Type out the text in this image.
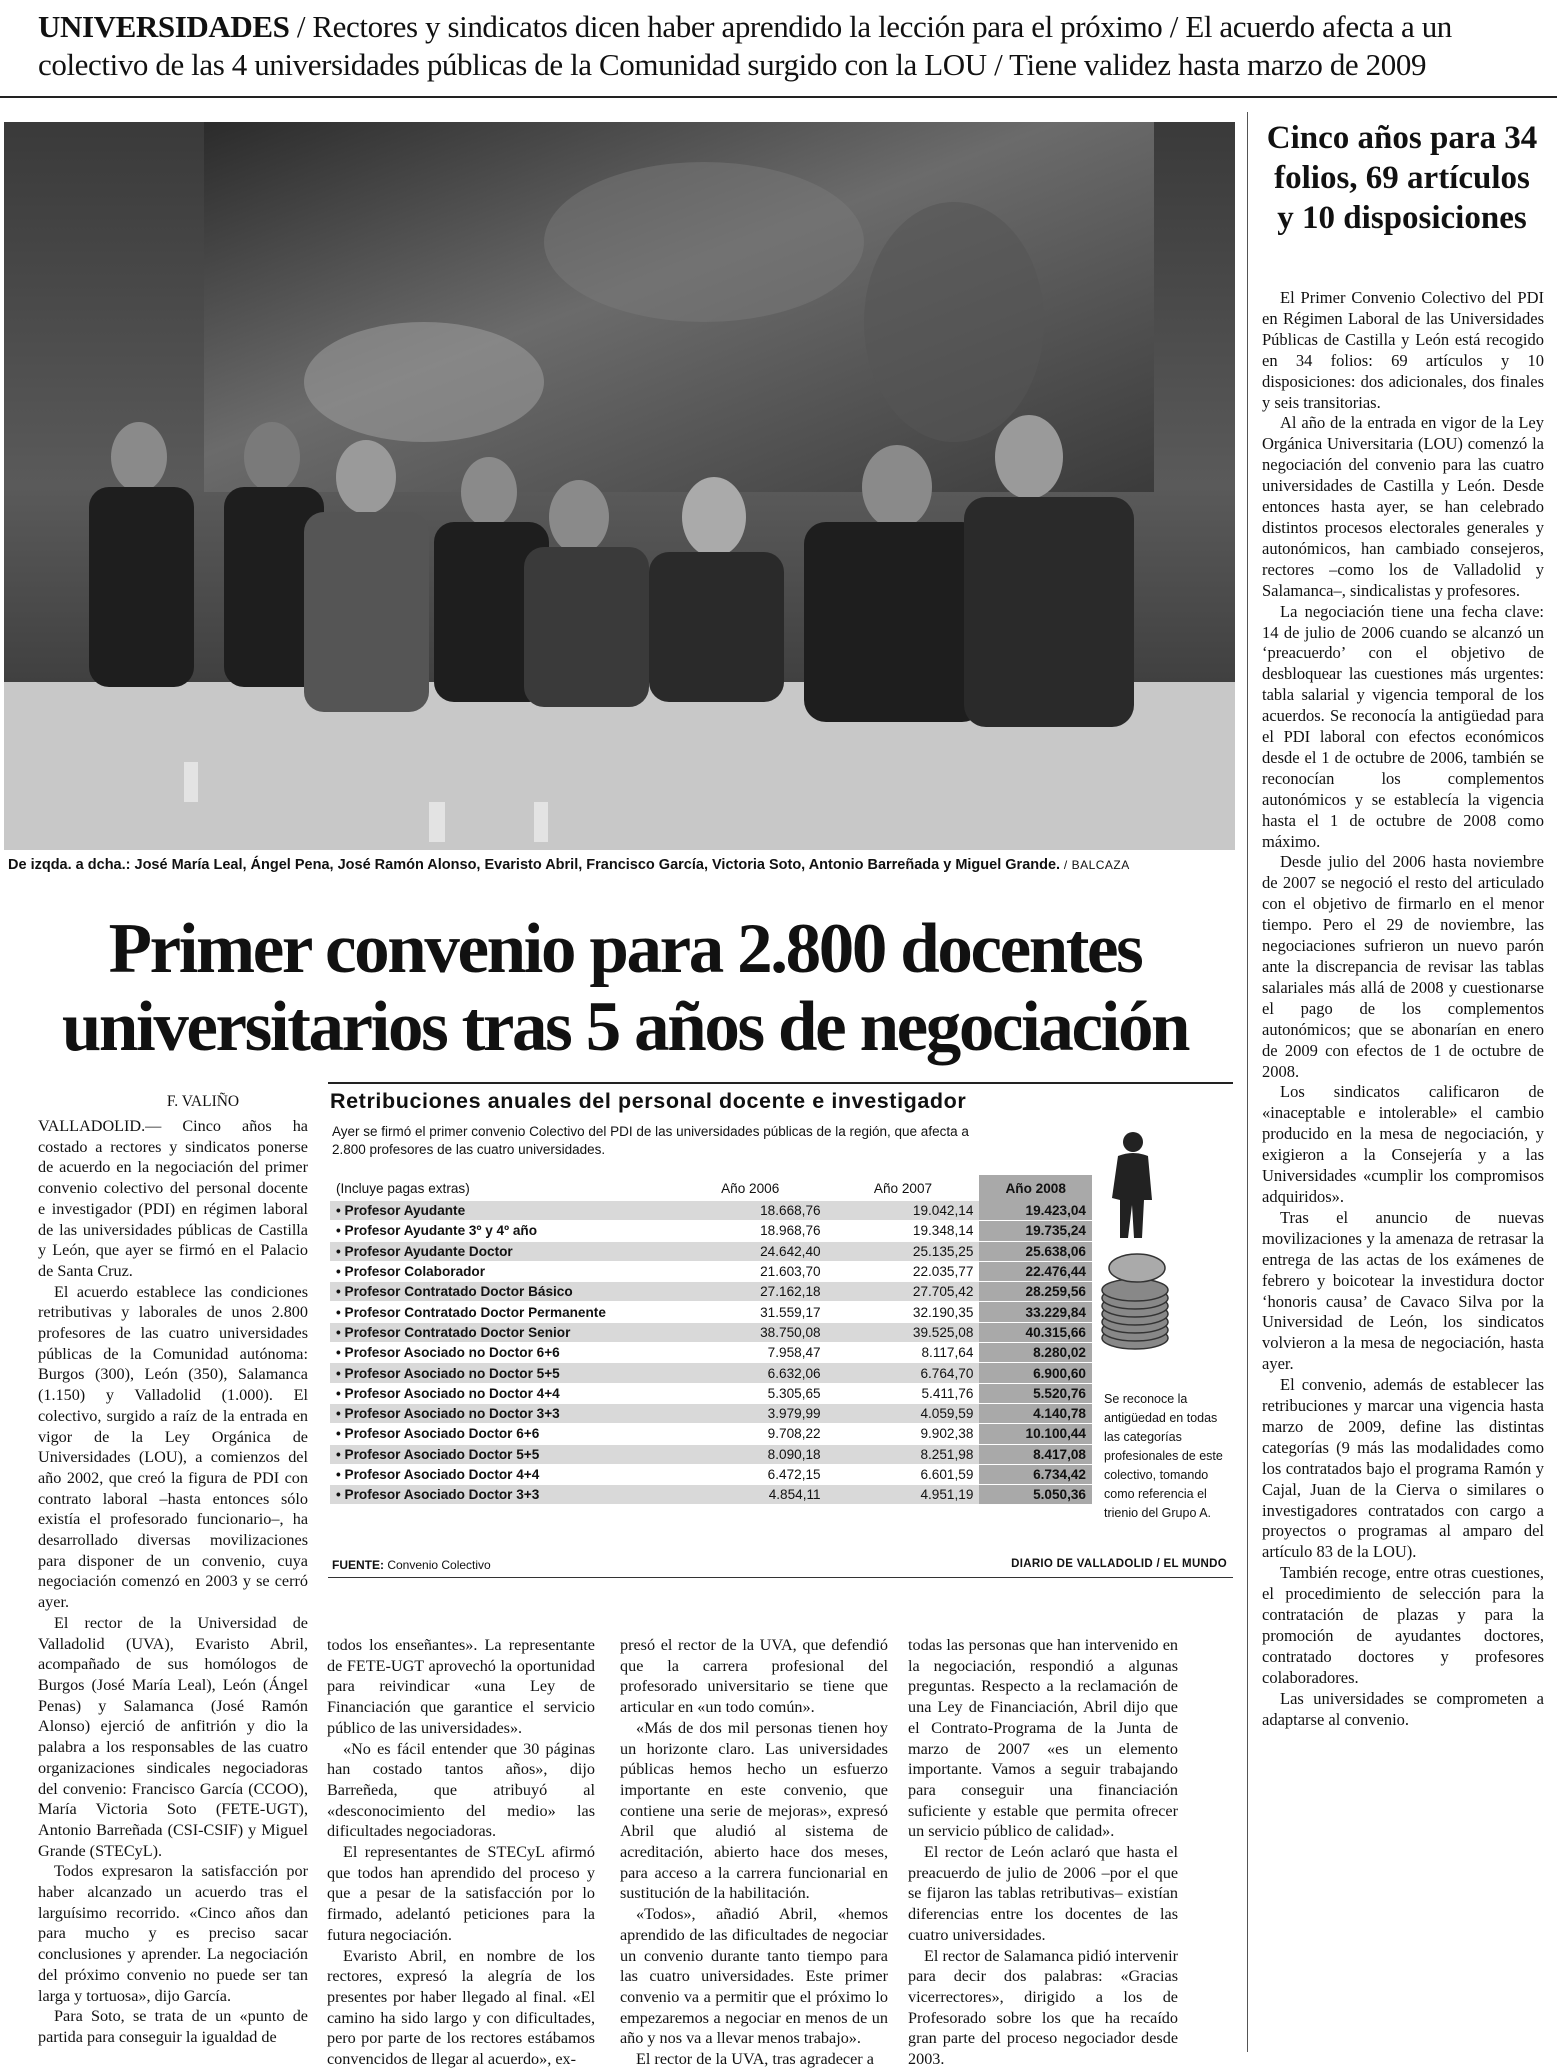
UNIVERSIDADES / Rectores y sindicatos dicen haber aprendido la lección para el próximo / El acuerdo afecta a un colectivo de las 4 universidades públicas de la Comunidad surgido con la LOU / Tiene validez hasta marzo de 2009
De izqda. a dcha.: José María Leal, Ángel Pena, José Ramón Alonso, Evaristo Abril, Francisco García, Victoria Soto, Antonio Barreñada y Miguel Grande. / BALCAZA
Primer convenio para 2.800 docentes
universitarios tras 5 años de negociación
Cinco años para 34 folios, 69 artículos y 10 disposiciones

El Primer Convenio Colectivo del PDI en Régimen Laboral de las Universidades Públicas de Castilla y León está recogido en 34 folios: 69 artículos y 10 disposiciones: dos adicionales, dos finales y seis transitorias.

Al año de la entrada en vigor de la Ley Orgánica Universitaria (LOU) comenzó la negociación del convenio para las cuatro universidades de Castilla y León. Desde entonces hasta ayer, se han celebrado distintos procesos electorales generales y autonómicos, han cambiado consejeros, rectores –como los de Valladolid y Salamanca–, sindicalistas y profesores.

La negociación tiene una fecha clave: 14 de julio de 2006 cuando se alcanzó un ‘preacuerdo’ con el objetivo de desbloquear las cuestiones más urgentes: tabla salarial y vigencia temporal de los acuerdos. Se reconocía la antigüedad para el PDI laboral con efectos económicos desde el 1 de octubre de 2006, también se reconocían los complementos autonómicos y se establecía la vigencia hasta el 1 de octubre de 2008 como máximo.

Desde julio del 2006 hasta noviembre de 2007 se negoció el resto del articulado con el objetivo de firmarlo en el menor tiempo. Pero el 29 de noviembre, las negociaciones sufrieron un nuevo parón ante la discrepancia de revisar las tablas salariales más allá de 2008 y cuestionarse el pago de los complementos autonómicos; que se abonarían en enero de 2009 con efectos de 1 de octubre de 2008.

Los sindicatos calificaron de «inaceptable e intolerable» el cambio producido en la mesa de negociación, y exigieron a la Consejería y a las Universidades «cumplir los compromisos adquiridos».

Tras el anuncio de nuevas movilizaciones y la amenaza de retrasar la entrega de las actas de los exámenes de febrero y boicotear la investidura doctor ‘honoris causa’ de Cavaco Silva por la Universidad de León, los sindicatos volvieron a la mesa de negociación, hasta ayer.

El convenio, además de establecer las retribuciones y marcar una vigencia hasta marzo de 2009, define las distintas categorías (9 más las modalidades como los contratados bajo el programa Ramón y Cajal, Juan de la Cierva o similares o investigadores contratados con cargo a proyectos o programas al amparo del artículo 83 de la LOU).

También recoge, entre otras cuestiones, el procedimiento de selección para la contratación de plazas y para la promoción de ayudantes doctores, contratado doctores y profesores colaboradores.

Las universidades se comprometen a adaptarse al convenio.

F. VALIÑO

VALLADOLID.— Cinco años ha costado a rectores y sindicatos ponerse de acuerdo en la negociación del primer convenio colectivo del personal docente e investigador (PDI) en régimen laboral de las universidades públicas de Castilla y León, que ayer se firmó en el Palacio de Santa Cruz.

El acuerdo establece las condiciones retributivas y laborales de unos 2.800 profesores de las cuatro universidades públicas de la Comunidad autónoma: Burgos (300), León (350), Salamanca (1.150) y Valladolid (1.000). El colectivo, surgido a raíz de la entrada en vigor de la Ley Orgánica de Universidades (LOU), a comienzos del año 2002, que creó la figura de PDI con contrato laboral –hasta entonces sólo existía el profesorado funcionario–, ha desarrollado diversas movilizaciones para disponer de un convenio, cuya negociación comenzó en 2003 y se cerró ayer.

El rector de la Universidad de Valladolid (UVA), Evaristo Abril, acompañado de sus homólogos de Burgos (José María Leal), León (Ángel Penas) y Salamanca (José Ramón Alonso) ejerció de anfitrión y dio la palabra a los responsables de las cuatro organizaciones sindicales negociadoras del convenio: Francisco García (CCOO), María Victoria Soto (FETE-UGT), Antonio Barreñada (CSI-CSIF) y Miguel Grande (STECyL).

Todos expresaron la satisfacción por haber alcanzado un acuerdo tras el larguísimo recorrido. «Cinco años dan para mucho y es preciso sacar conclusiones y aprender. La negociación del próximo convenio no puede ser tan larga y tortuosa», dijo García.

Para Soto, se trata de un «punto de partida para conseguir la igualdad de

todos los enseñantes». La representante de FETE-UGT aprovechó la oportunidad para reivindicar «una Ley de Financiación que garantice el servicio público de las universidades».

«No es fácil entender que 30 páginas han costado tantos años», dijo Barreñeda, que atribuyó al «desconocimiento del medio» las dificultades negociadoras.

El representantes de STECyL afirmó que todos han aprendido del proceso y que a pesar de la satisfacción por lo firmado, adelantó peticiones para la futura negociación.

Evaristo Abril, en nombre de los rectores, expresó la alegría de los presentes por haber llegado al final. «El camino ha sido largo y con dificultades, pero por parte de los rectores estábamos convencidos de llegar al acuerdo», ex-

presó el rector de la UVA, que defendió que la carrera profesional del profesorado universitario se tiene que articular en «un todo común».

«Más de dos mil personas tienen hoy un horizonte claro. Las universidades públicas hemos hecho un esfuerzo importante en este convenio, que contiene una serie de mejoras», expresó Abril que aludió al sistema de acreditación, abierto hace dos meses, para acceso a la carrera funcionarial en sustitución de la habilitación.

«Todos», añadió Abril, «hemos aprendido de las dificultades de negociar un convenio durante tanto tiempo para las cuatro universidades. Este primer convenio va a permitir que el próximo lo empezaremos a negociar en menos de un año y nos va a llevar menos trabajo».

El rector de la UVA, tras agradecer a

todas las personas que han intervenido en la negociación, respondió a algunas preguntas. Respecto a la reclamación de una Ley de Financiación, Abril dijo que el Contrato-Programa de la Junta de marzo de 2007 «es un elemento importante. Vamos a seguir trabajando para conseguir una financiación suficiente y estable que permita ofrecer un servicio público de calidad».

El rector de León aclaró que hasta el preacuerdo de julio de 2006 –por el que se fijaron las tablas retributivas– existían diferencias entre los docentes de las cuatro universidades.

El rector de Salamanca pidió intervenir para decir dos palabras: «Gracias vicerrectores», dirigido a los de Profesorado sobre los que ha recaído gran parte del proceso negociador desde 2003.

Retribuciones anuales del personal docente e investigador
Ayer se firmó el primer convenio Colectivo del PDI de las universidades públicas de la región, que afecta a 2.800 profesores de las cuatro universidades.
(Incluye pagas extras)	Año 2006	Año 2007	Año 2008
• Profesor Ayudante	18.668,76	19.042,14	19.423,04
• Profesor Ayudante 3º y 4º año	18.968,76	19.348,14	19.735,24
• Profesor Ayudante Doctor	24.642,40	25.135,25	25.638,06
• Profesor Colaborador	21.603,70	22.035,77	22.476,44
• Profesor Contratado Doctor Básico	27.162,18	27.705,42	28.259,56
• Profesor Contratado Doctor Permanente	31.559,17	32.190,35	33.229,84
• Profesor Contratado Doctor Senior	38.750,08	39.525,08	40.315,66
• Profesor Asociado no Doctor 6+6	7.958,47	8.117,64	8.280,02
• Profesor Asociado no Doctor 5+5	6.632,06	6.764,70	6.900,60
• Profesor Asociado no Doctor 4+4	5.305,65	5.411,76	5.520,76
• Profesor Asociado no Doctor 3+3	3.979,99	4.059,59	4.140,78
• Profesor Asociado Doctor 6+6	9.708,22	9.902,38	10.100,44
• Profesor Asociado Doctor 5+5	8.090,18	8.251,98	8.417,08
• Profesor Asociado Doctor 4+4	6.472,15	6.601,59	6.734,42
• Profesor Asociado Doctor 3+3	4.854,11	4.951,19	5.050,36
Se reconoce la antigüedad en todas las categorías profesionales de este colectivo, tomando como referencia el trienio del Grupo A.
FUENTE: Convenio Colectivo	DIARIO DE VALLADOLID / EL MUNDO
